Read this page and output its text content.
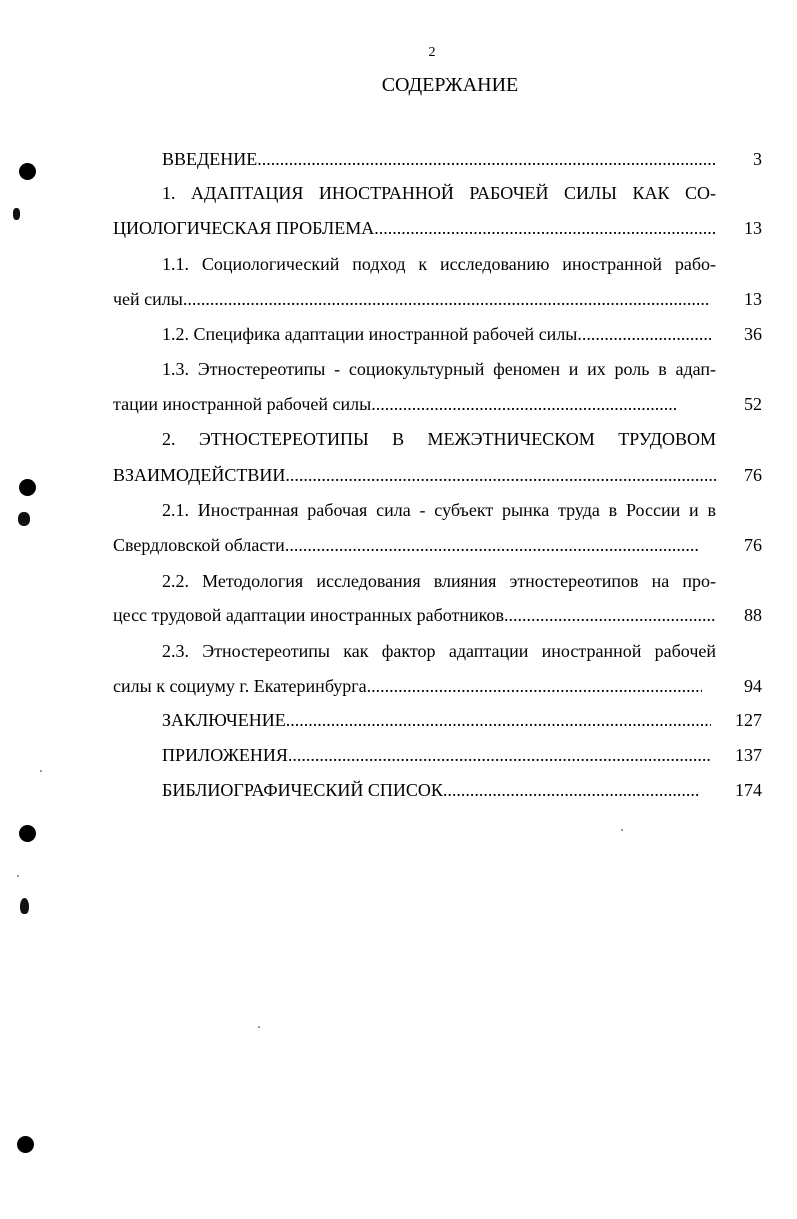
2
СОДЕРЖАНИЕ
ВВЕДЕНИЕ .....	3
1. АДАПТАЦИЯ ИНОСТРАННОЙ РАБОЧЕЙ СИЛЫ КАК СО-
ЦИОЛОГИЧЕСКАЯ ПРОБЛЕМА .....	13
1.1. Социологический подход к исследованию иностранной рабо-
чей силы .....	13
1.2. Специфика адаптации иностранной рабочей силы .....	36
1.3. Этностереотипы - социокультурный феномен и их роль в адап-
тации иностранной рабочей силы .....	52
2. ЭТНОСТЕРЕОТИПЫ В МЕЖЭТНИЧЕСКОМ ТРУДОВОМ
ВЗАИМОДЕЙСТВИИ .....	76
2.1. Иностранная рабочая сила - субъект рынка труда в России и в
Свердловской области .....	76
2.2. Методология исследования влияния этностереотипов на про-
цесс трудовой адаптации иностранных работников .....	88
2.3. Этностереотипы как фактор адаптации иностранной рабочей
силы к социуму г. Екатеринбурга .....	94
ЗАКЛЮЧЕНИЕ .....	127
ПРИЛОЖЕНИЯ .....	137
БИБЛИОГРАФИЧЕСКИЙ СПИСОК .....	174
